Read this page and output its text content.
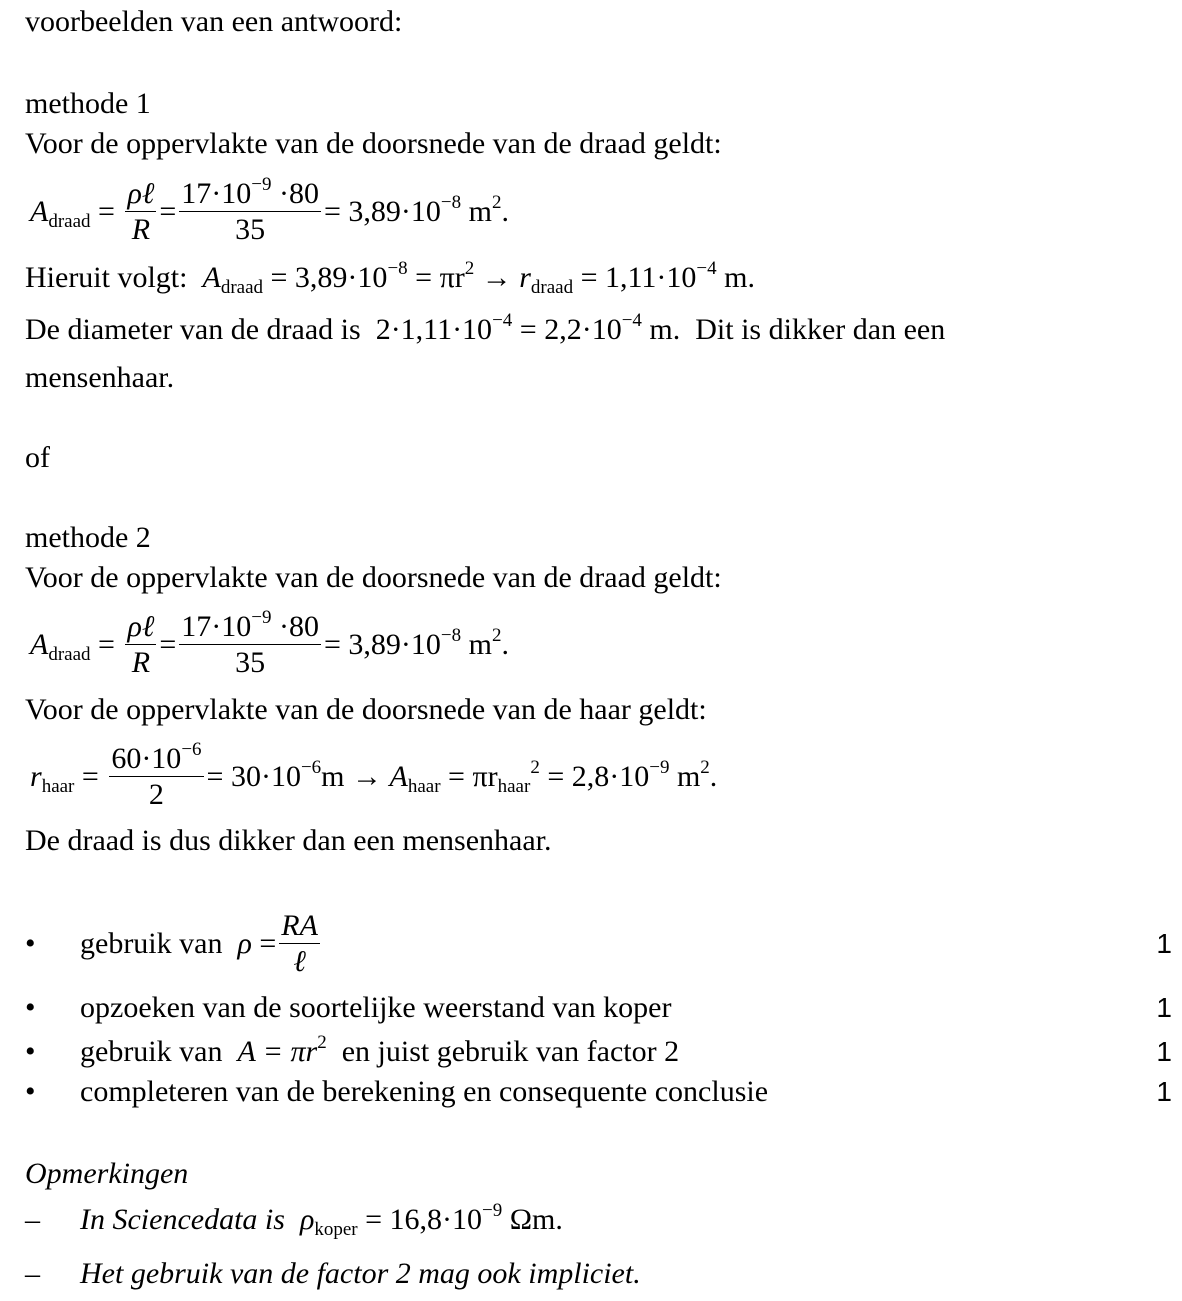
voorbeelden van een antwoord:
methode 1
Voor de oppervlakte van de doorsnede van de draad geldt:
$A_{draad} = \frac{\text{ρℓ}}{R} = \frac{17\cdot 10^{-9} \cdot 80}{35} = 3,89\cdot 10^{-8}$ $m^2$.
Hieruit volgt: $A_{draad} = 3,89\cdot 10^{-8} = \pi r^2 \to r_{draad} = 1,11\cdot 10^{-4}$ m.
De diameter van de draad is $2\cdot 1,11\cdot 10^{-4} = 2,2\cdot 10^{-4}$ m. Dit is dikker dan een
mensenhaar.
of
methode 2
Voor de oppervlakte van de doorsnede van de draad geldt:
$A_{draad} = \frac{\text{ρℓ}}{R} = \frac{17\cdot 10^{-9} \cdot 80}{35} = 3,89\cdot 10^{-8}$ $m^2$.
Voor de oppervlakte van de doorsnede van de haar geldt:
$r_{haar} = \frac{60\cdot 10^{-6}}{2} = 30\cdot 10^{-6}m \to A_{haar} = \pi r_{haar}^2 = 2,8\cdot 10^{-9}$ $m^2$.
De draad is dus dikker dan een mensenhaar.
•	gebruik van
ρ
= $\frac{RA}{\text{ℓ}}$	1
•	opzoeken van de soortelijke weerstand van koper	1
•	gebruik van
$A = \pi r^2$
en juist gebruik van factor 2	1
•	completeren van de berekening en consequente conclusie	1
Opmerkingen
– In Sciencedata is $\rho_{koper} = 16,8\cdot 10^{-9}$ Ωm.
– Het gebruik van de factor 2 mag ook impliciet.
